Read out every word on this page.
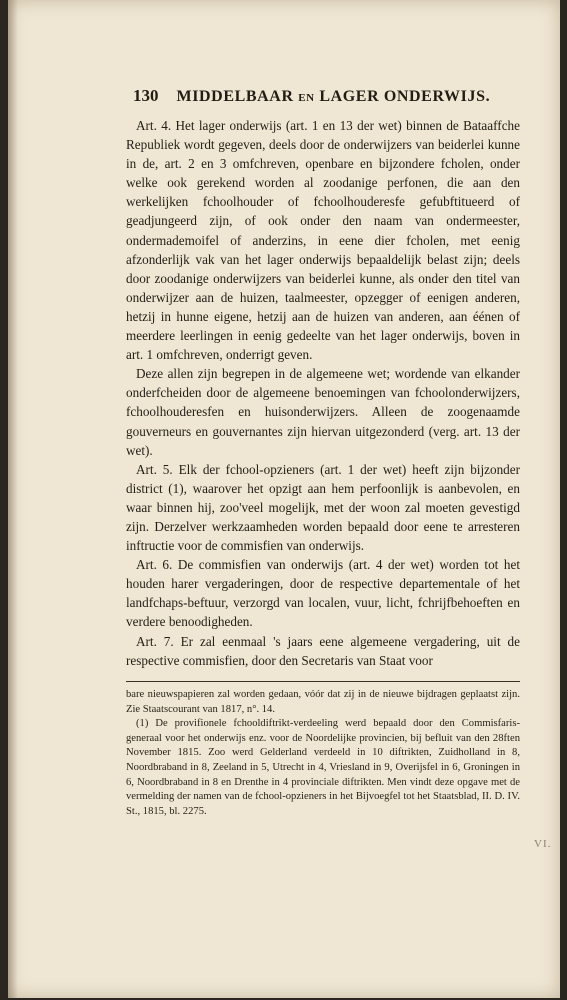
130 MIDDELBAAR EN LAGER ONDERWIJS.

Art. 4. Het lager onderwijs (art. 1 en 13 der wet) binnen de Bataaffche Republiek wordt gegeven, deels door de onderwijzers van beiderlei kunne in de, art. 2 en 3 omfchreven, openbare en bijzondere fcholen, onder welke ook gerekend worden al zoodanige perfonen, die aan den werkelijken fchoolhouder of fchoolhouderesfe gefubftitueerd of geadjungeerd zijn, of ook onder den naam van ondermeester, ondermademoifel of anderzins, in eene dier fcholen, met eenig afzonderlijk vak van het lager onderwijs bepaaldelijk belast zijn; deels door zoodanige onderwijzers van beiderlei kunne, als onder den titel van onderwijzer aan de huizen, taalmeester, opzegger of eenigen anderen, hetzij in hunne eigene, hetzij aan de huizen van anderen, aan éénen of meerdere leerlingen in eenig gedeelte van het lager onderwijs, boven in art. 1 omfchreven, onderrigt geven.

Deze allen zijn begrepen in de algemeene wet; wordende van elkander onderfcheiden door de algemeene benoemingen van fchoolonderwijzers, fchoolhouderesfen en huisonderwijzers. Alleen de zoogenaamde gouverneurs en gouvernantes zijn hiervan uitgezonderd (verg. art. 13 der wet).

Art. 5. Elk der fchool-opzieners (art. 1 der wet) heeft zijn bijzonder district (1), waarover het opzigt aan hem perfoonlijk is aanbevolen, en waar binnen hij, zoo'veel mogelijk, met der woon zal moeten gevestigd zijn. Derzelver werkzaamheden worden bepaald door eene te arresteren inftructie voor de commisfien van onderwijs.

Art. 6. De commisfien van onderwijs (art. 4 der wet) worden tot het houden harer vergaderingen, door de respective departementale of het landfchaps-beftuur, verzorgd van localen, vuur, licht, fchrijfbehoeften en verdere benoodigheden.

Art. 7. Er zal eenmaal 's jaars eene algemeene vergadering, uit de respective commisfien, door den Secretaris van Staat voor

bare nieuwspapieren zal worden gedaan, vóór dat zij in de nieuwe bijdragen geplaatst zijn. Zie Staatscourant van 1817, n°. 14.

(1) De provifionele fchooldiftrikt-verdeeling werd bepaald door den Commisfaris-generaal voor het onderwijs enz. voor de Noordelijke provincien, bij befluit van den 28ften November 1815. Zoo werd Gelderland verdeeld in 10 diftrikten, Zuidholland in 8, Noordbraband in 8, Zeeland in 5, Utrecht in 4, Vriesland in 9, Overijsfel in 6, Groningen in 6, Noordbraband in 8 en Drenthe in 4 provinciale diftrikten. Men vindt deze opgave met de vermelding der namen van de fchool-opzieners in het Bijvoegfel tot het Staatsblad, II. D. IV. St., 1815, bl. 2275.

VI.
